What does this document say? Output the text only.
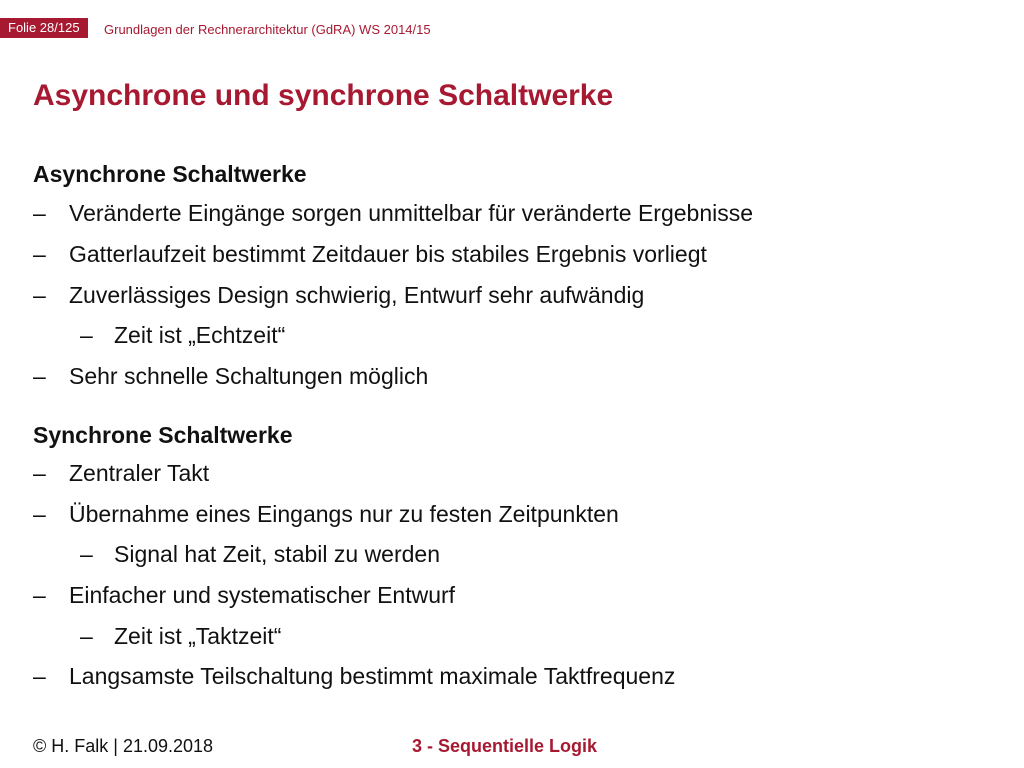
Folie 28/125	Grundlagen der Rechnerarchitektur (GdRA) WS 2014/15
Asynchrone und synchrone Schaltwerke
Asynchrone Schaltwerke
– Veränderte Eingänge sorgen unmittelbar für veränderte Ergebnisse
– Gatterlaufzeit bestimmt Zeitdauer bis stabiles Ergebnis vorliegt
– Zuverlässiges Design schwierig, Entwurf sehr aufwändig
– Zeit ist „Echtzeit“
– Sehr schnelle Schaltungen möglich
Synchrone Schaltwerke
– Zentraler Takt
– Übernahme eines Eingangs nur zu festen Zeitpunkten
– Signal hat Zeit, stabil zu werden
– Einfacher und systematischer Entwurf
– Zeit ist „Taktzeit“
– Langsamste Teilschaltung bestimmt maximale Taktfrequenz
© H. Falk | 21.09.2018	3 - Sequentielle Logik
